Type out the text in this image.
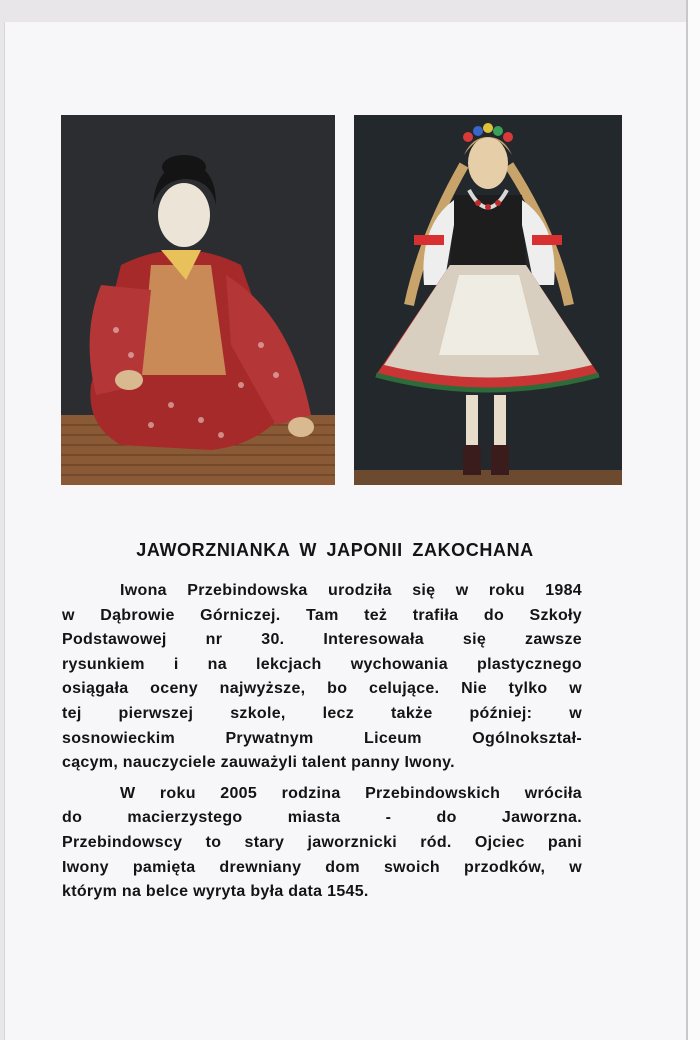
JAWORZNIANKA W JAPONII ZAKOCHANA

Iwona Przebindowska urodziła się w roku 1984
w Dąbrowie Górniczej. Tam też trafiła do Szkoły
Podstawowej nr 30. Interesowała się zawsze
rysunkiem i na lekcjach wychowania plastycznego
osiągała oceny najwyższe, bo celujące. Nie tylko w
tej pierwszej szkole, lecz także później: w
sosnowieckim Prywatnym Liceum Ogólnokształ-
cącym, nauczyciele zauważyli talent panny Iwony.

W roku 2005 rodzina Przebindowskich wróciła
do macierzystego miasta - do Jaworzna.
Przebindowscy to stary jaworznicki ród. Ojciec pani
Iwony pamięta drewniany dom swoich przodków, w
którym na belce wyryta była data 1545.
